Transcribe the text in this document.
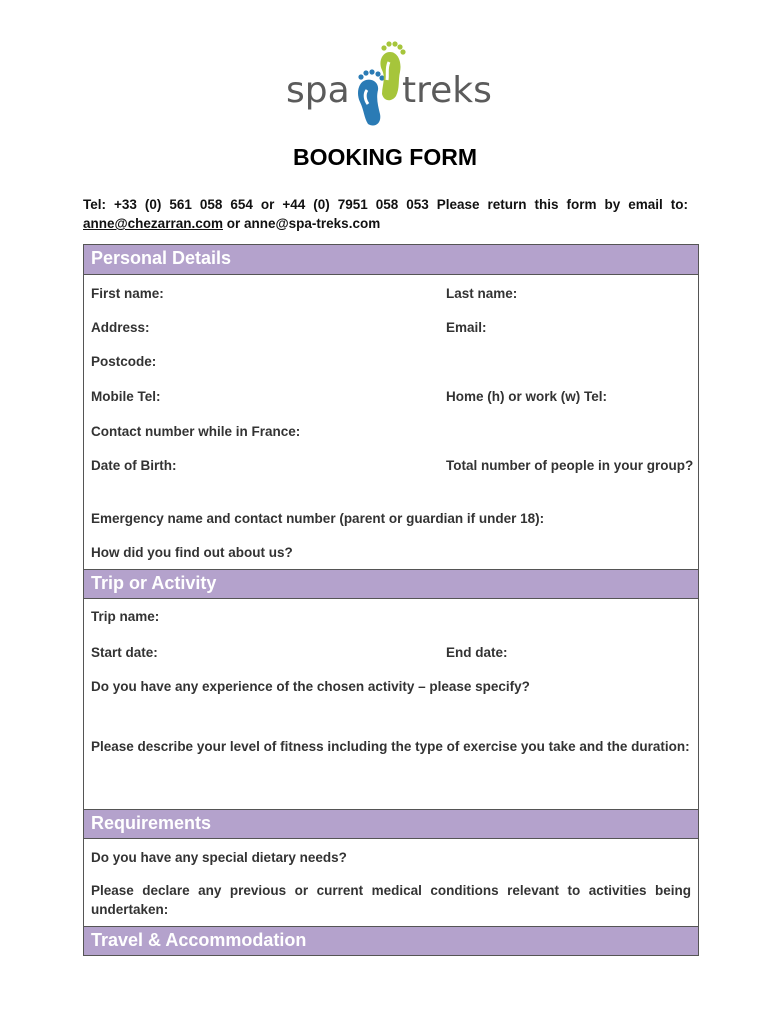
spa treks
BOOKING FORM
Tel: +33 (0) 561 058 654 or +44 (0) 7951 058 053 Please return this form by email to: anne@chezarran.com or anne@spa-treks.com
Personal Details
First name:	Last name:
Address:	Email:
Postcode:
Mobile Tel:	Home (h) or work (w) Tel:
Contact number while in France:
Date of Birth:	Total number of people in your group?
Emergency name and contact number (parent or guardian if under 18):
How did you find out about us?
Trip or Activity
Trip name:
Start date:	End date:
Do you have any experience of the chosen activity – please specify?
Please describe your level of fitness including the type of exercise you take and the duration:
Requirements
Do you have any special dietary needs?
Please declare any previous or current medical conditions relevant to activities being undertaken:
Travel & Accommodation
